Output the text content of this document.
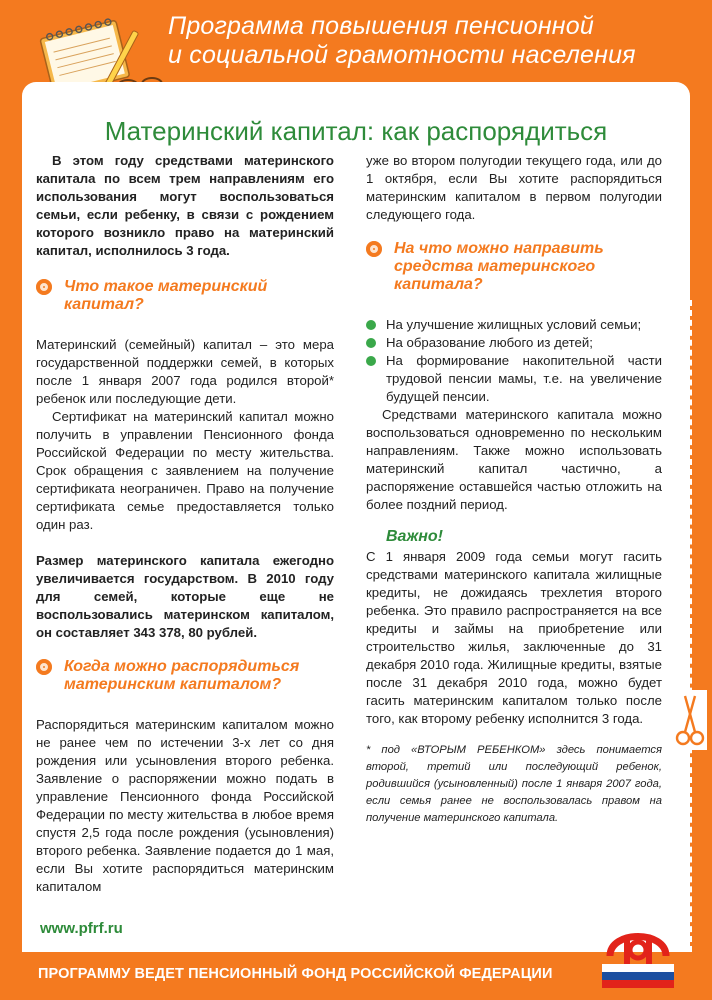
Программа повышения пенсионной
и социальной грамотности населения
Материнский капитал: как распорядиться

В этом году средствами материнского капитала по всем трем направлениям его использования могут воспользоваться семьи, если ребенку, в связи с рождением которого возникло право на материнский капитал, исполнилось 3 года.

Что такое материнский капитал?

Материнский (семейный) капитал – это мера государственной поддержки семей, в которых после 1 января 2007 года родился второй* ребенок или последующие дети.

Сертификат на материнский капитал можно получить в управлении Пенсионного фонда Российской Федерации по месту жительства. Срок обращения с заявлением на получение сертификата неограничен. Право на получение сертификата семье предоставляется только один раз.

Размер материнского капитала ежегодно увеличивается государством. В 2010 году для семей, которые еще не воспользовались материнском капиталом, он составляет 343 378, 80 рублей.

Когда можно распорядиться материнским капиталом?

Распорядиться материнским капиталом можно не ранее чем по истечении 3-х лет со дня рождения или усыновления второго ребенка. Заявление о распоряжении можно подать в управление Пенсионного фонда Российской Федерации по месту жительства в любое время спустя 2,5 года после рождения (усыновления) второго ребенка. Заявление подается до 1 мая, если Вы хотите распорядиться материнским капиталом

уже во втором полугодии текущего года, или до 1 октября, если Вы хотите распорядиться материнским капиталом в первом полугодии следующего года.

На что можно направить средства материнского капитала?
На улучшение жилищных условий семьи;
На образование любого из детей;
На формирование накопительной части трудовой пенсии мамы, т.е. на увеличение будущей пенсии.

Средствами материнского капитала можно воспользоваться одновременно по нескольким направлениям. Также можно использовать материнский капитал частично, а распоряжение оставшейся частью отложить на более поздний период.

Важно!

С 1 января 2009 года семьи могут гасить средствами материнского капитала жилищные кредиты, не дожидаясь трехлетия второго ребенка. Это правило распространяется на все кредиты и займы на приобретение или строительство жилья, заключенные до 31 декабря 2010 года. Жилищные кредиты, взятые после 31 декабря 2010 года, можно будет гасить материнским капиталом только после того, как второму ребенку исполнится 3 года.

* под «ВТОРЫМ РЕБЕНКОМ» здесь понимается второй, третий или последующий ребенок, родившийся (усыновленный) после 1 января 2007 года, если семья ранее не воспользовалась правом на получение материнского капитала.

www.pfrf.ru
ПРОГРАММУ ВЕДЕТ ПЕНСИОННЫЙ ФОНД РОССИЙСКОЙ ФЕДЕРАЦИИ
